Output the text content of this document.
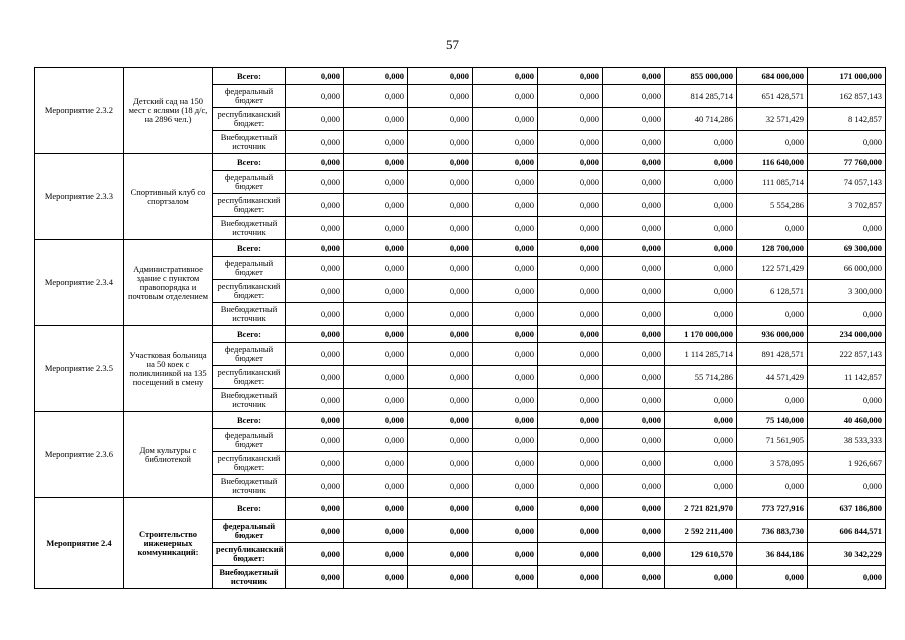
57
Мероприятие 2.3.2	Детский сад на 150 мест с яслями (18 д/с, на 2896 чел.)	Всего:	0,000	0,000	0,000	0,000	0,000	0,000	855 000,000	684 000,000	171 000,000
		федеральный бюджет	0,000	0,000	0,000	0,000	0,000	0,000	814 285,714	651 428,571	162 857,143
		республиканский бюджет:	0,000	0,000	0,000	0,000	0,000	0,000	40 714,286	32 571,429	8 142,857
		Внебюджетный источник	0,000	0,000	0,000	0,000	0,000	0,000	0,000	0,000	0,000
Мероприятие 2.3.3	Спортивный клуб со спортзалом	Всего:	0,000	0,000	0,000	0,000	0,000	0,000	0,000	116 640,000	77 760,000
		федеральный бюджет	0,000	0,000	0,000	0,000	0,000	0,000	0,000	111 085,714	74 057,143
		республиканский бюджет:	0,000	0,000	0,000	0,000	0,000	0,000	0,000	5 554,286	3 702,857
		Внебюджетный источник	0,000	0,000	0,000	0,000	0,000	0,000	0,000	0,000	0,000
Мероприятие 2.3.4	Административное здание с пунктом правопорядка и почтовым отделением	Всего:	0,000	0,000	0,000	0,000	0,000	0,000	0,000	128 700,000	69 300,000
		федеральный бюджет	0,000	0,000	0,000	0,000	0,000	0,000	0,000	122 571,429	66 000,000
		республиканский бюджет:	0,000	0,000	0,000	0,000	0,000	0,000	0,000	6 128,571	3 300,000
		Внебюджетный источник	0,000	0,000	0,000	0,000	0,000	0,000	0,000	0,000	0,000
Мероприятие 2.3.5	Участковая больница на 50 коек с поликлиникой на 135 посещений в смену	Всего:	0,000	0,000	0,000	0,000	0,000	0,000	1 170 000,000	936 000,000	234 000,000
		федеральный бюджет	0,000	0,000	0,000	0,000	0,000	0,000	1 114 285,714	891 428,571	222 857,143
		республиканский бюджет:	0,000	0,000	0,000	0,000	0,000	0,000	55 714,286	44 571,429	11 142,857
		Внебюджетный источник	0,000	0,000	0,000	0,000	0,000	0,000	0,000	0,000	0,000
Мероприятие 2.3.6	Дом культуры с библиотекой	Всего:	0,000	0,000	0,000	0,000	0,000	0,000	0,000	75 140,000	40 460,000
		федеральный бюджет	0,000	0,000	0,000	0,000	0,000	0,000	0,000	71 561,905	38 533,333
		республиканский бюджет:	0,000	0,000	0,000	0,000	0,000	0,000	0,000	3 578,095	1 926,667
		Внебюджетный источник	0,000	0,000	0,000	0,000	0,000	0,000	0,000	0,000	0,000
Мероприятие 2.4	Строительство инженерных коммуникаций:	Всего:	0,000	0,000	0,000	0,000	0,000	0,000	2 721 821,970	773 727,916	637 186,800
		федеральный бюджет	0,000	0,000	0,000	0,000	0,000	0,000	2 592 211,400	736 883,730	606 844,571
		республиканский бюджет:	0,000	0,000	0,000	0,000	0,000	0,000	129 610,570	36 844,186	30 342,229
		Внебюджетный источник	0,000	0,000	0,000	0,000	0,000	0,000	0,000	0,000	0,000
